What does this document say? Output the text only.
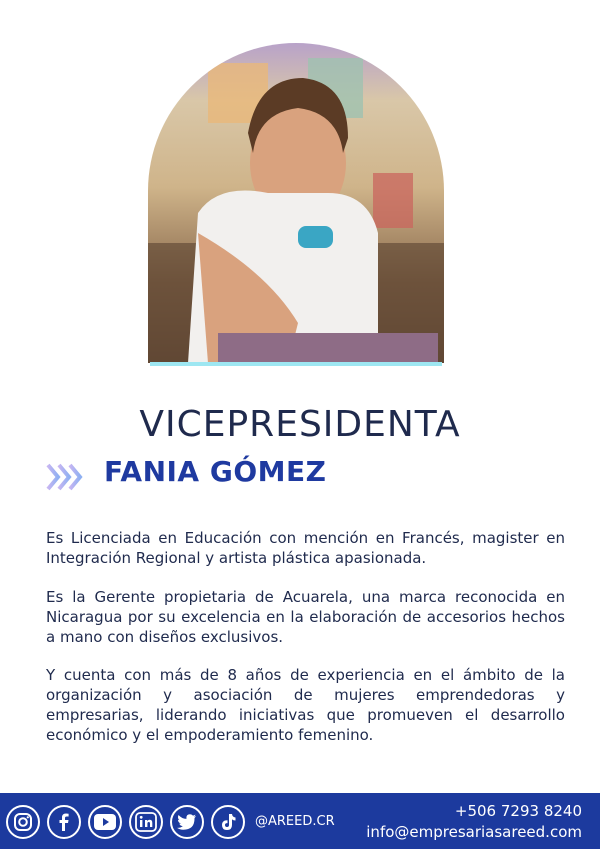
VICEPRESIDENTA
FANIA GÓMEZ
Es Licenciada en Educación con mención en Francés, magister en Integración Regional y artista plástica apasionada.
Es la Gerente propietaria de Acuarela, una marca reconocida en Nicaragua por su excelencia en la elaboración de accesorios hechos a mano con diseños exclusivos.
Y cuenta con más de 8 años de experiencia en el ámbito de la organización y asociación de mujeres emprendedoras y empresarias, liderando iniciativas que promueven el desarrollo económico y el empoderamiento femenino.
@AREED.CR
+506 7293 8240
info@empresariasareed.com
